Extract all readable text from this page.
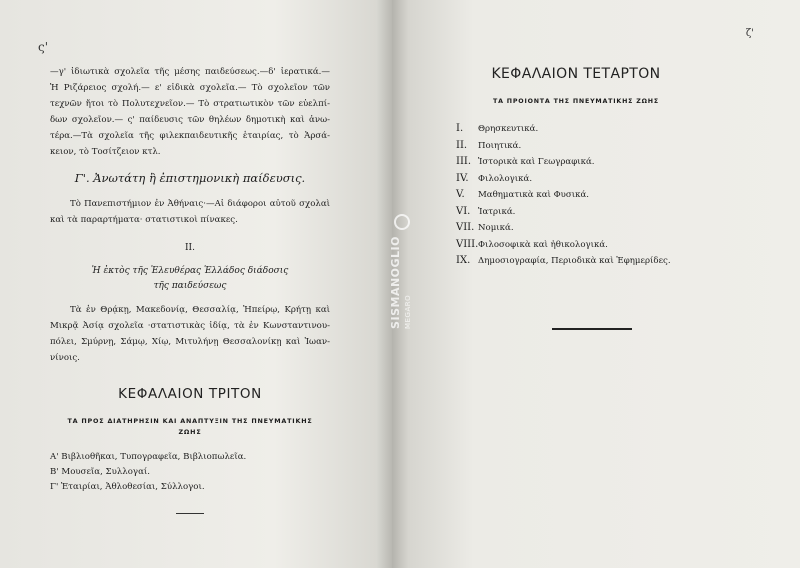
ς'
—γ' ἰδιωτικὰ σχολεῖα τῆς μέσης παιδεύσεως.—δ' ἱερατικά.—
Ἡ Ριζάρειος σχολή.— ε' εἰδικὰ σχολεῖα.— Τὸ σχολεῖον τῶν
τεχνῶν ἤτοι τὸ Πολυτεχνεῖον.— Τὸ στρατιωτικὸν τῶν εὐελπί-
δων σχολεῖον.— ς' παίδευσις τῶν θηλέων δημοτικὴ καὶ ἀνω-
τέρα.—Τὰ σχολεῖα τῆς φιλεκπαιδευτικῆς ἑταιρίας, τὸ Ἀρσά-
κειον, τὸ Τοσίτζειον κτλ.
Γ'. Ἀνωτάτη ἢ ἐπιστημονικὴ παίδευσις.
Τὸ Πανεπιστήμιον ἐν Ἀθήναις·—Αἱ διάφοροι αὐτοῦ σχολαὶ
καὶ τὰ παραρτήματα· στατιστικοὶ πίνακες.
II.
Ἡ ἐκτὸς τῆς Ἐλευθέρας Ἑλλάδος διάδοσις
τῆς παιδεύσεως
Τὰ ἐν Θρᾴκῃ, Μακεδονίᾳ, Θεσσαλίᾳ, Ἠπείρῳ, Κρήτῃ καὶ
Μικρᾷ Ἀσίᾳ σχολεῖα ·στατιστικὰς ἰδίᾳ, τὰ ἐν Κωνσταντινου-
πόλει, Σμύρνῃ, Σάμῳ, Χίῳ, Μιτυλήνῃ Θεσσαλονίκῃ καὶ Ἰωαν-
νίνοις.
ΚΕΦΑΛΑΙΟΝ ΤΡΙΤΟΝ
ΤΑ ΠΡΟΣ ΔΙΑΤΗΡΗΣΙΝ ΚΑΙ ΑΝΑΠΤΥΞΙΝ ΤΗΣ ΠΝΕΥΜΑΤΙΚΗΣ
ΖΩΗΣ
Α' Βιβλιοθῆκαι, Τυπογραφεῖα, Βιβλιοπωλεῖα.
Β' Μουσεῖα, Συλλογαί.
Γ' Ἑταιρίαι, Ἀθλοθεσίαι, Σύλλογοι.
ζ'
ΚΕΦΑΛΑΙΟΝ ΤΕΤΑΡΤΟΝ
ΤΑ ΠΡΟΙΟΝΤΑ ΤΗΣ ΠΝΕΥΜΑΤΙΚΗΣ ΖΩΗΣ
I.	Θρησκευτικά.
II.	Ποιητικά.
III. Ἱστορικὰ καὶ Γεωγραφικά.
IV.	Φιλολογικά.
V.	Μαθηματικὰ καὶ Φυσικά.
VI. Ἰατρικά.
VII. Νομικά.
VIII. Φιλοσοφικὰ καὶ ἠθικολογικά.
IX. Δημοσιογραφία, Περιοδικὰ καὶ Ἐφημερίδες.
SISMANOGLIO MEGARO
